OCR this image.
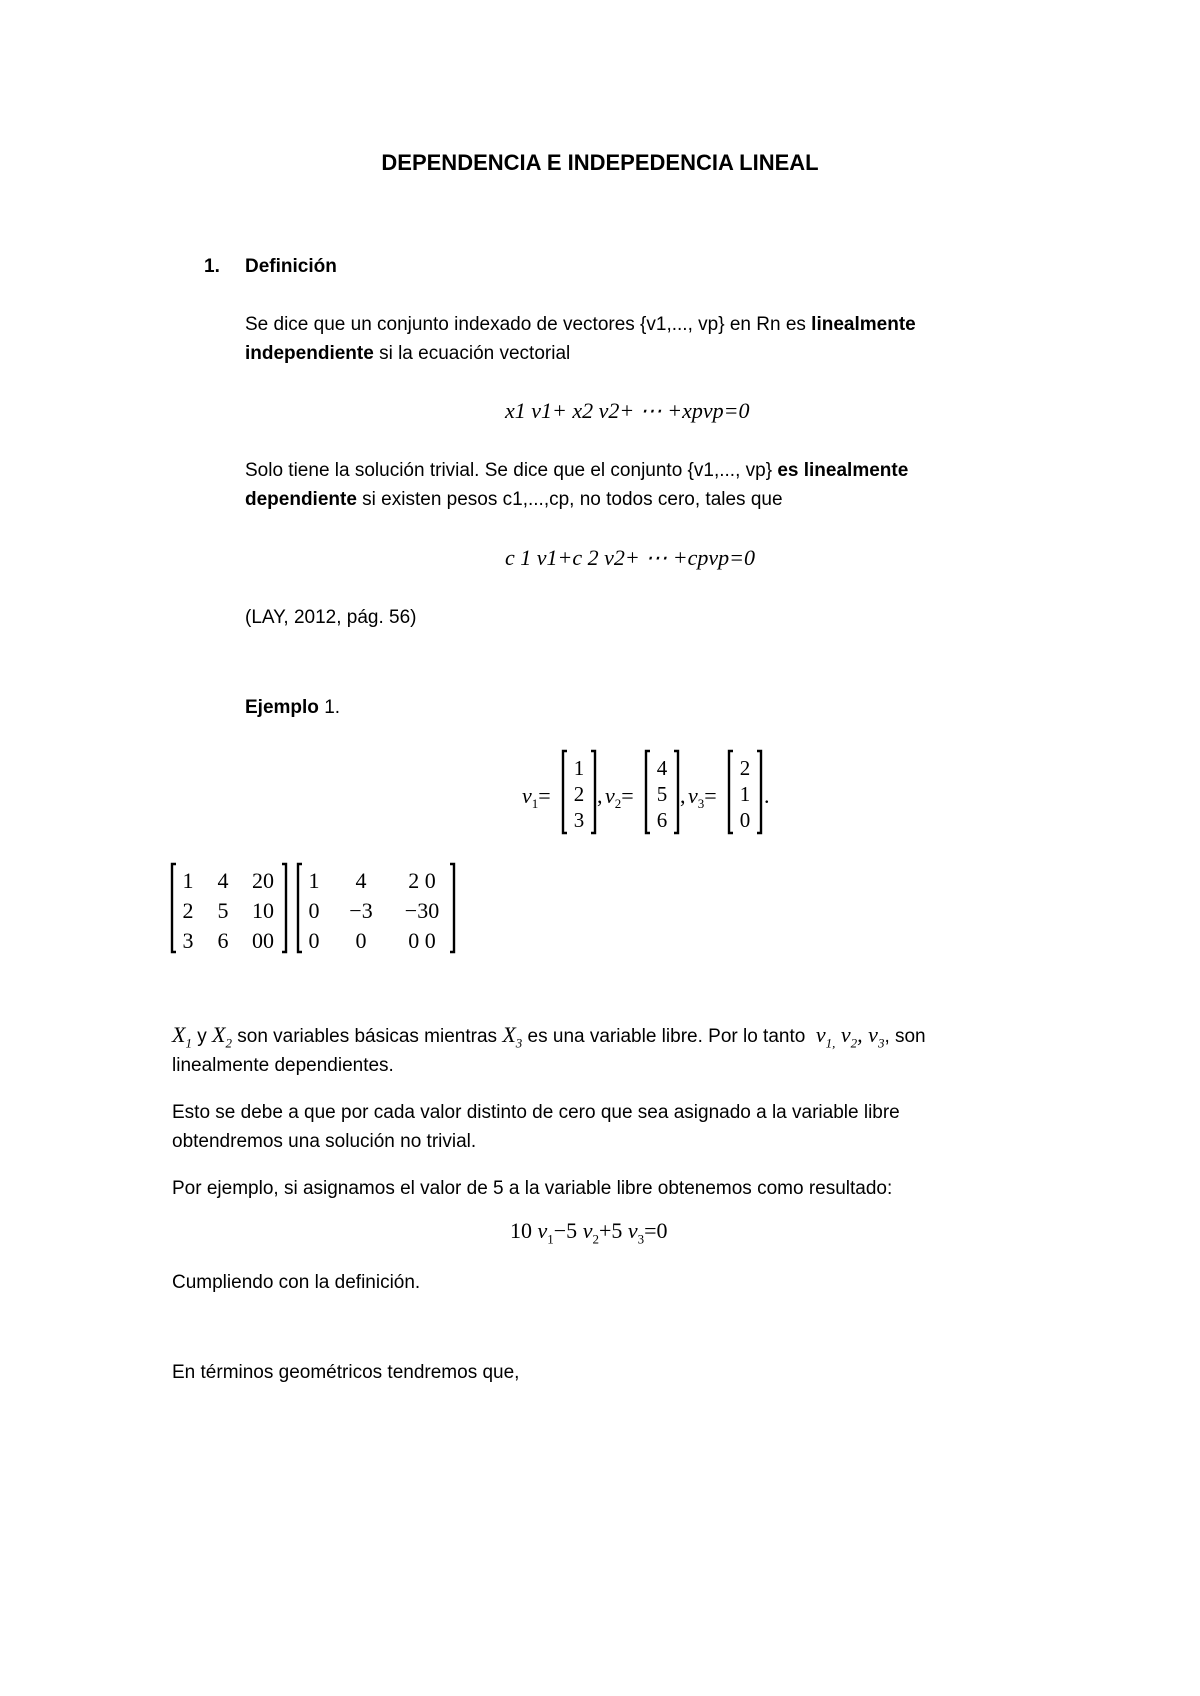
DEPENDENCIA E INDEPEDENCIA LINEAL
1. Definición
Se dice que un conjunto indexado de vectores {v1,..., vp} en Rn es linealmente
independiente si la ecuación vectorial
x1 v1+ x2 v2+ ⋯ +xpvp=0
Solo tiene la solución trivial. Se dice que el conjunto {v1,..., vp} es linealmente
dependiente si existen pesos c1,...,cp, no todos cero, tales que
c 1 v1+c 2 v2+ ⋯ +cpvp=0
(LAY, 2012, pág. 56)
Ejemplo 1.
$v_1=$
1
2
3
, $v_2=$
4
5
6
, $v_3=$
2
1
0
.
1 4 20
2 5 10
3 6 00
1 4 2 0
0 −3 −30
0 0 0 0
$X_1$ y $X_2$ son variables básicas mientras $X_3$ es una variable libre. Por lo tanto  $v_{1,}$ $v_2$, $v_3$, son
linealmente dependientes.
Esto se debe a que por cada valor distinto de cero que sea asignado a la variable libre
obtendremos una solución no trivial.
Por ejemplo, si asignamos el valor de 5 a la variable libre obtenemos como resultado:
10 $v_1-5$ $v_2+5$ $v_3=0$
Cumpliendo con la definición.
En términos geométricos tendremos que,
